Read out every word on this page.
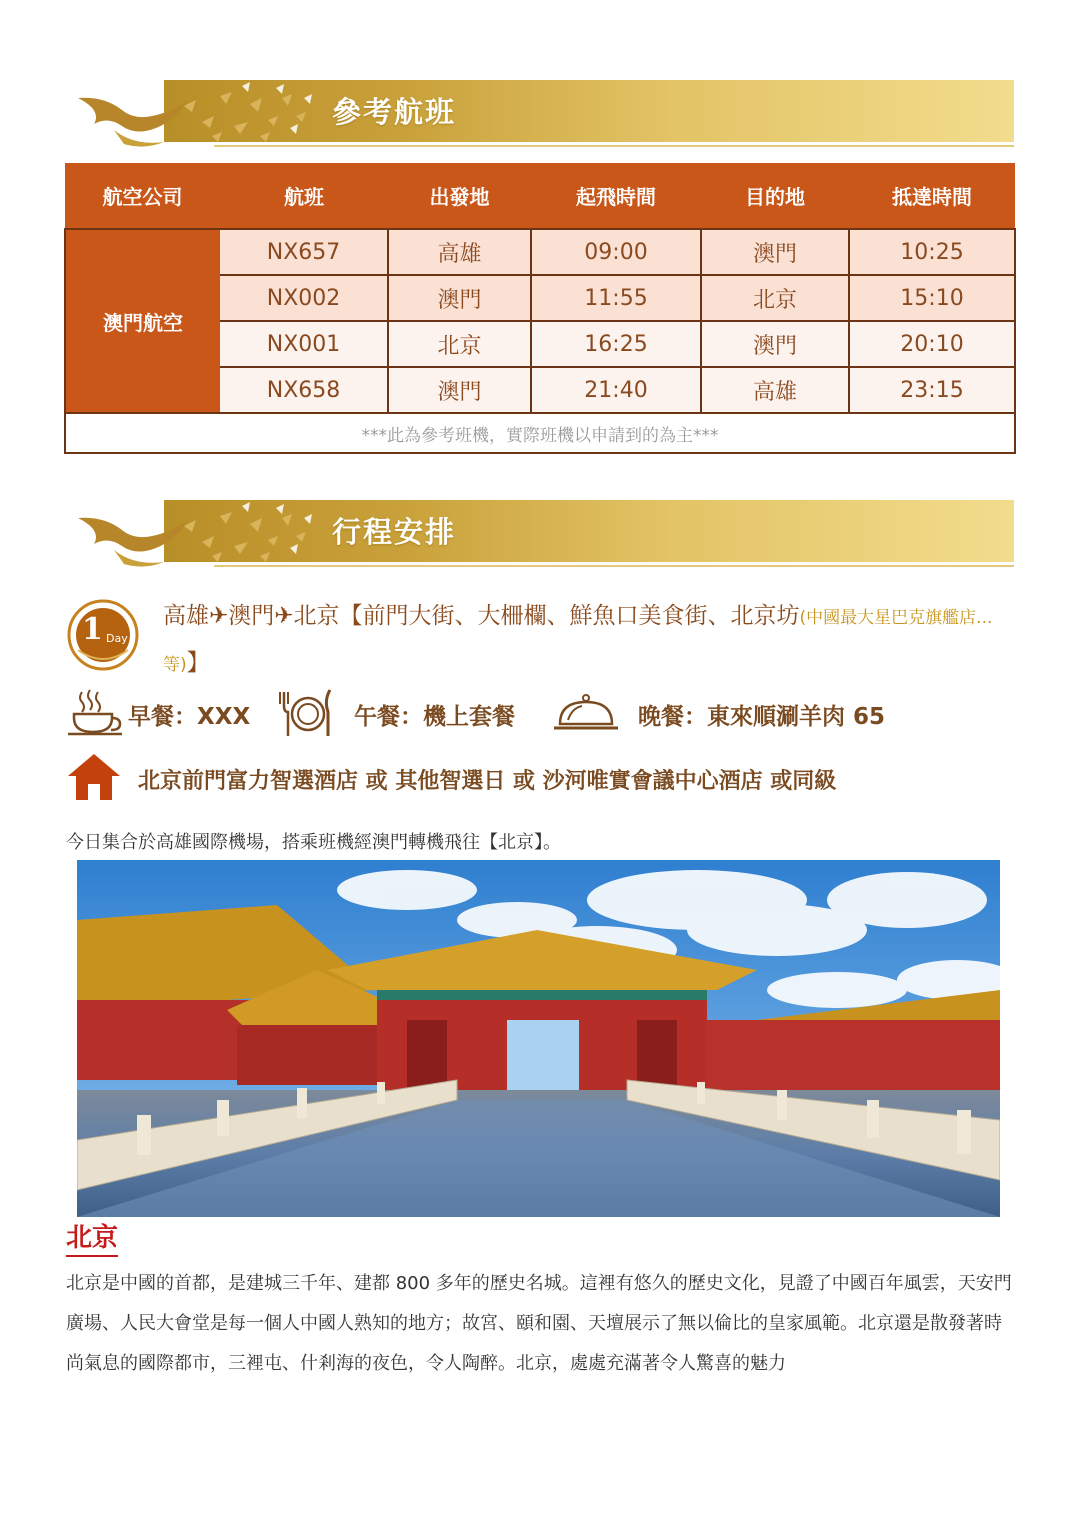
參考航班
航空公司	航班	出發地	起飛時間	目的地	抵達時間
澳門航空	NX657	高雄	09:00	澳門	10:25
	NX002	澳門	11:55	北京	15:10
	NX001	北京	16:25	澳門	20:10
	NX658	澳門	21:40	高雄	23:15
***此為參考班機，實際班機以申請到的為主***					
行程安排
1 Day
高雄✈澳門✈北京【前門大街、大柵欄、鮮魚口美食街、北京坊(中國最大星巴克旗艦店...等)】
早餐：XXX	午餐：機上套餐	晚餐：東來順涮羊肉 65
北京前門富力智選酒店 或 其他智選日 或 沙河唯實會議中心酒店 或同級
今日集合於高雄國際機場，搭乘班機經澳門轉機飛往【北京】。
北京
北京是中國的首都，是建城三千年、建都 800 多年的歷史名城。這裡有悠久的歷史文化，見證了中國百年風雲，天安門廣場、人民大會堂是每一個人中國人熟知的地方；故宮、頤和園、天壇展示了無以倫比的皇家風範。北京還是散發著時尚氣息的國際都市，三裡屯、什剎海的夜色，令人陶醉。北京，處處充滿著令人驚喜的魅力
